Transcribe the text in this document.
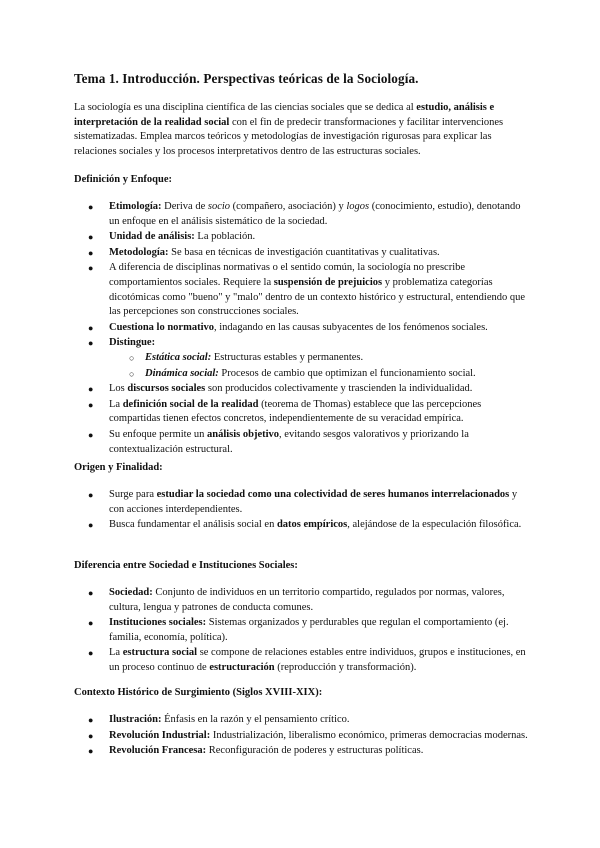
Tema 1. Introducción. Perspectivas teóricas de la Sociología.

La sociología es una disciplina científica de las ciencias sociales que se dedica al estudio, análisis e interpretación de la realidad social con el fin de predecir transformaciones y facilitar intervenciones sistematizadas. Emplea marcos teóricos y metodologías de investigación rigurosas para explicar las relaciones sociales y los procesos interpretativos dentro de las estructuras sociales.

Definición y Enfoque:

● Etimología: Deriva de socio (compañero, asociación) y logos (conocimiento, estudio), denotando un enfoque en el análisis sistemático de la sociedad.
● Unidad de análisis: La población.
● Metodología: Se basa en técnicas de investigación cuantitativas y cualitativas.
● A diferencia de disciplinas normativas o el sentido común, la sociología no prescribe comportamientos sociales. Requiere la suspensión de prejuicios y problematiza categorías dicotómicas como "bueno" y "malo" dentro de un contexto histórico y estructural, entendiendo que las percepciones son construcciones sociales.
● Cuestiona lo normativo, indagando en las causas subyacentes de los fenómenos sociales.
● Distingue:
○ Estática social: Estructuras estables y permanentes.
○ Dinámica social: Procesos de cambio que optimizan el funcionamiento social.
● Los discursos sociales son producidos colectivamente y trascienden la individualidad.
● La definición social de la realidad (teorema de Thomas) establece que las percepciones compartidas tienen efectos concretos, independientemente de su veracidad empírica.
● Su enfoque permite un análisis objetivo, evitando sesgos valorativos y priorizando la contextualización estructural.

Origen y Finalidad:

● Surge para estudiar la sociedad como una colectividad de seres humanos interrelacionados y con acciones interdependientes.
● Busca fundamentar el análisis social en datos empíricos, alejándose de la especulación filosófica.

Diferencia entre Sociedad e Instituciones Sociales:

● Sociedad: Conjunto de individuos en un territorio compartido, regulados por normas, valores, cultura, lengua y patrones de conducta comunes.
● Instituciones sociales: Sistemas organizados y perdurables que regulan el comportamiento (ej. familia, economía, política).
● La estructura social se compone de relaciones estables entre individuos, grupos e instituciones, en un proceso continuo de estructuración (reproducción y transformación).

Contexto Histórico de Surgimiento (Siglos XVIII-XIX):

● Ilustración: Énfasis en la razón y el pensamiento crítico.
● Revolución Industrial: Industrialización, liberalismo económico, primeras democracias modernas.
● Revolución Francesa: Reconfiguración de poderes y estructuras políticas.
